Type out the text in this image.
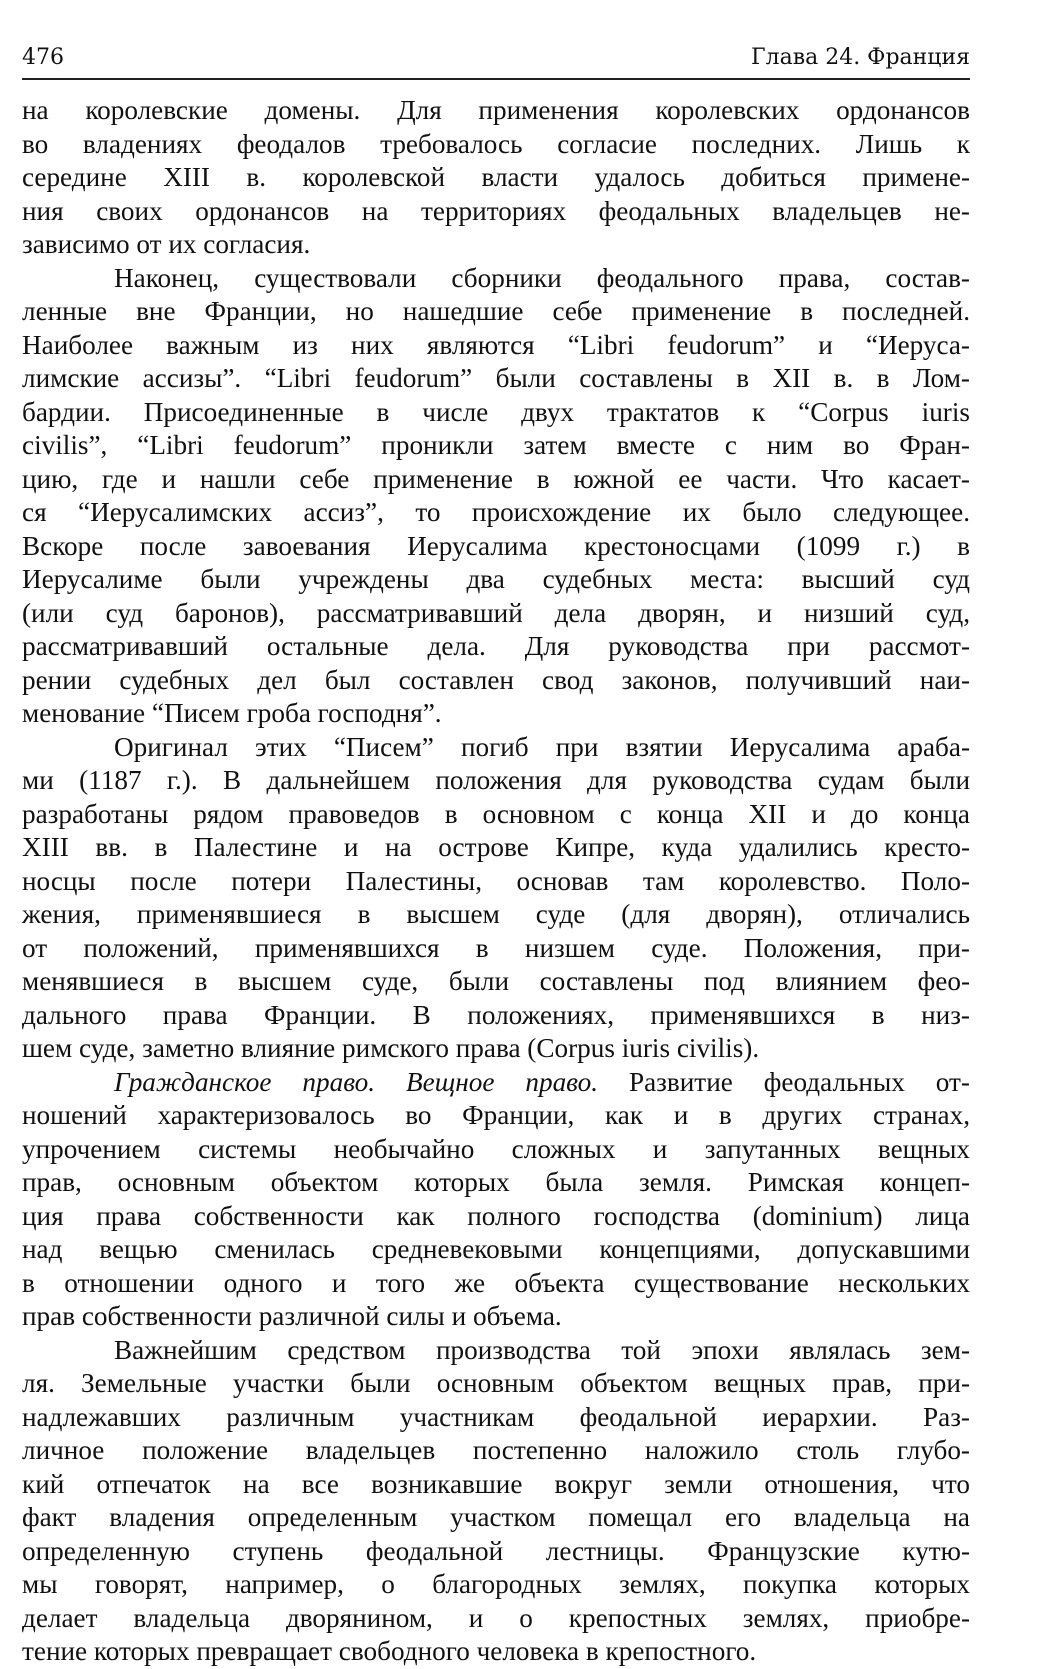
476	Глава 24. Франция
на королевские домены. Для применения королевских ордонансов
во владениях феодалов требовалось согласие последних. Лишь к
середине XIII в. королевской власти удалось добиться примене-
ния своих ордонансов на территориях феодальных владельцев не-
зависимо от их согласия.
Наконец, существовали сборники феодального права, состав-
ленные вне Франции, но нашедшие себе применение в последней.
Наиболее важным из них являются “Libri feudorum” и “Иеруса-
лимские ассизы”. “Libri feudorum” были составлены в XII в. в Лом-
бардии. Присоединенные в числе двух трактатов к “Corpus iuris
civilis”, “Libri feudorum” проникли затем вместе с ним во Фран-
цию, где и нашли себе применение в южной ее части. Что касает-
ся “Иерусалимских ассиз”, то происхождение их было следующее.
Вскоре после завоевания Иерусалима крестоносцами (1099 г.) в
Иерусалиме были учреждены два судебных места: высший суд
(или суд баронов), рассматривавший дела дворян, и низший суд,
рассматривавший остальные дела. Для руководства при рассмот-
рении судебных дел был составлен свод законов, получивший наи-
менование “Писем гроба господня”.
Оригинал этих “Писем” погиб при взятии Иерусалима араба-
ми (1187 г.). В дальнейшем положения для руководства судам были
разработаны рядом правоведов в основном с конца XII и до конца
XIII вв. в Палестине и на острове Кипре, куда удалились кресто-
носцы после потери Палестины, основав там королевство. Поло-
жения, применявшиеся в высшем суде (для дворян), отличались
от положений, применявшихся в низшем суде. Положения, при-
менявшиеся в высшем суде, были составлены под влиянием фео-
дального права Франции. В положениях, применявшихся в низ-
шем суде, заметно влияние римского права (Corpus iuris civilis).
Гражданское право. Вещное право. Развитие феодальных от-
ношений характеризовалось во Франции, как и в других странах,
упрочением системы необычайно сложных и запутанных вещных
прав, основным объектом которых была земля. Римская концеп-
ция права собственности как полного господства (dominium) лица
над вещью сменилась средневековыми концепциями, допускавшими
в отношении одного и того же объекта существование нескольких
прав собственности различной силы и объема.
Важнейшим средством производства той эпохи являлась зем-
ля. Земельные участки были основным объектом вещных прав, при-
надлежавших различным участникам феодальной иерархии. Раз-
личное положение владельцев постепенно наложило столь глубо-
кий отпечаток на все возникавшие вокруг земли отношения, что
факт владения определенным участком помещал его владельца на
определенную ступень феодальной лестницы. Французские кутю-
мы говорят, например, о благородных землях, покупка которых
делает владельца дворянином, и о крепостных землях, приобре-
тение которых превращает свободного человека в крепостного.
